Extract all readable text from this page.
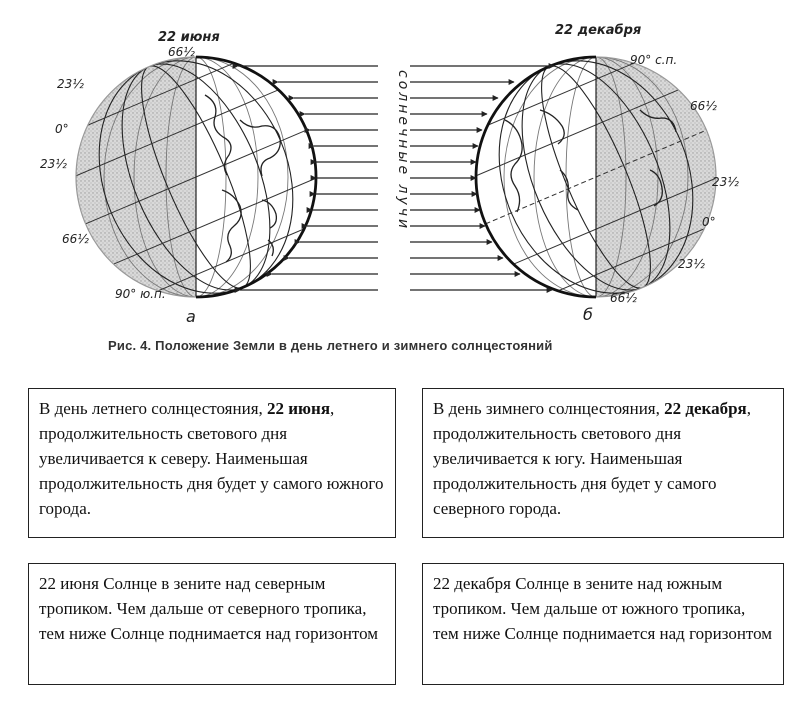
солнечные лучи
22 июня
66½
23½
0°
23½
66½
90° ю.п.
а
22 декабря
90° с.п.
66½
23½
0°
23½
66½
б
Рис. 4. Положение Земли в день летнего и зимнего солнцестояний

В день летнего солнцестояния, 22 июня, продолжительность светового дня увеличивается к северу. Наименьшая продолжительность дня будет у самого южного города.

В день зимнего солнцестояния, 22 декабря, продолжительность светового дня увеличивается к югу. Наименьшая продолжительность дня будет у самого северного города.

22 июня Солнце в зените над северным тропиком. Чем дальше от северного тропика, тем ниже Солнце поднимается над горизонтом

22 декабря Солнце в зените над южным тропиком. Чем дальше от южного тропика, тем ниже Солнце поднимается над горизонтом
